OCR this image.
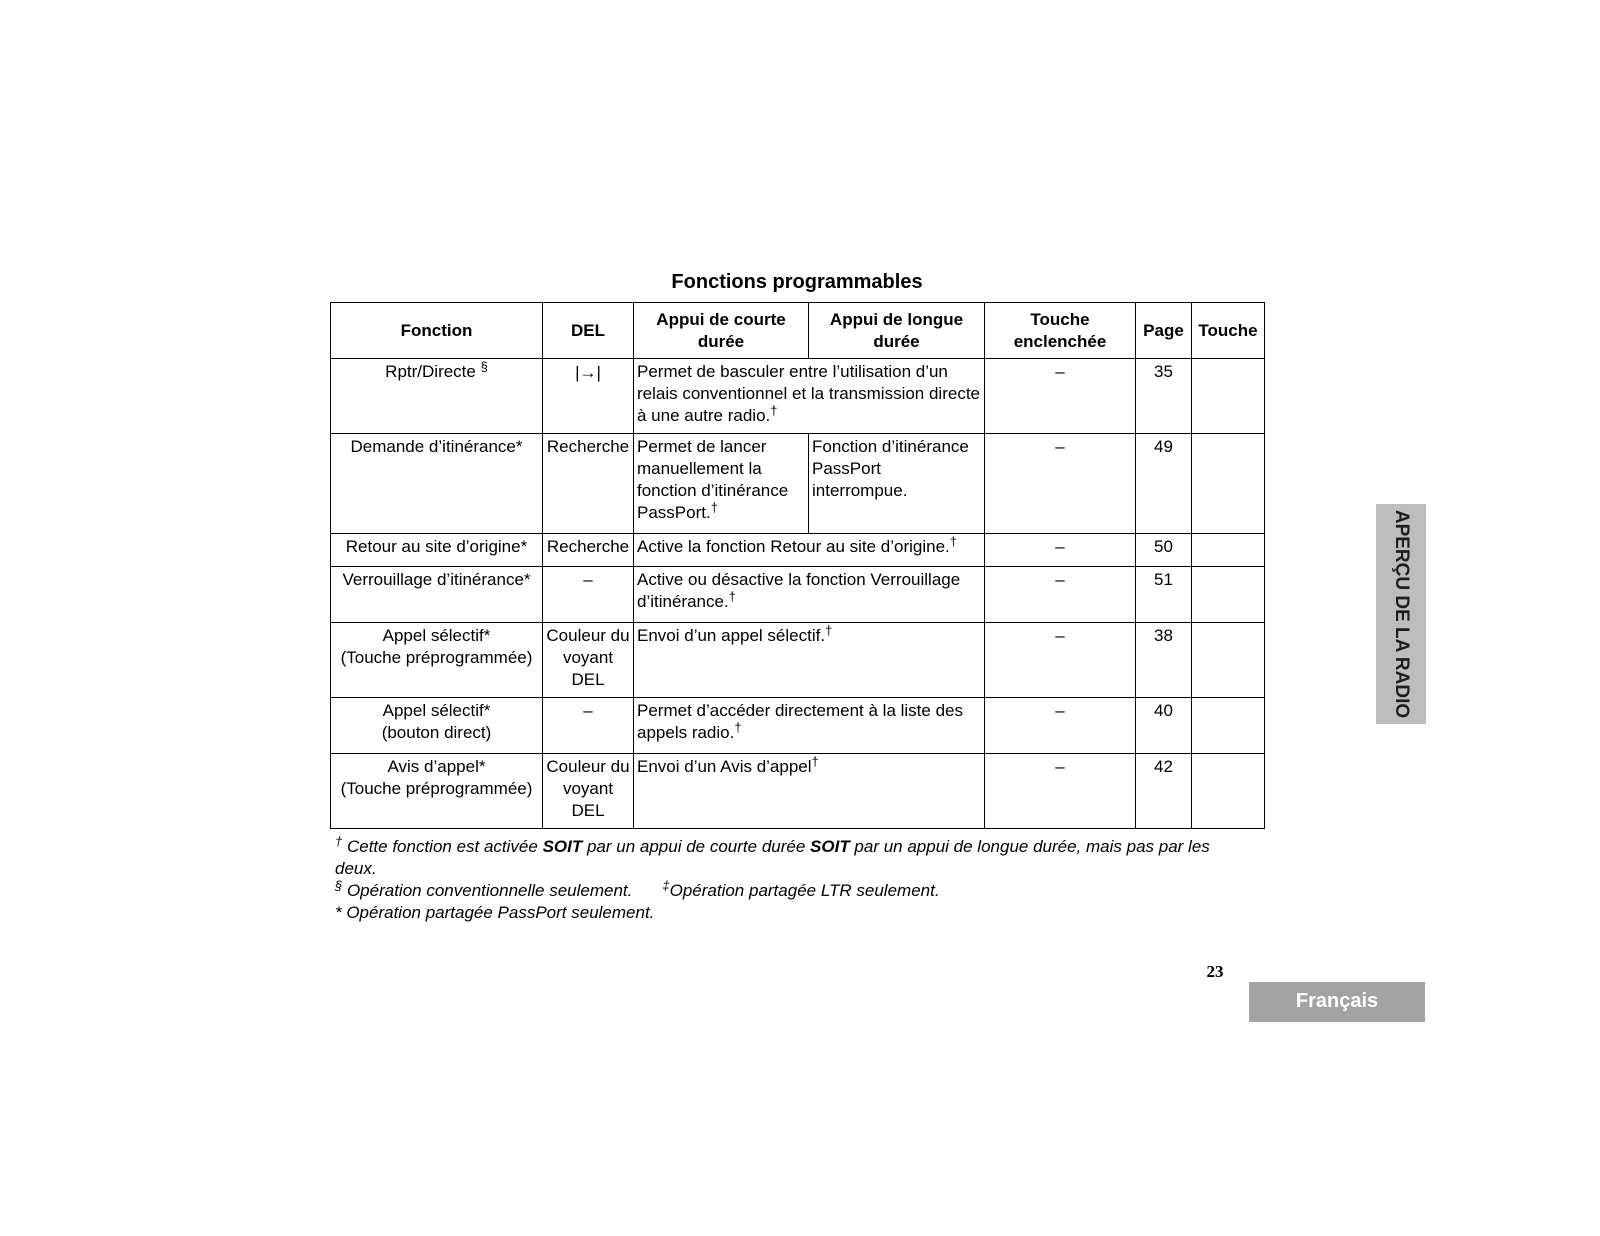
Fonctions programmables
Fonction	DEL	Appui de courte durée	Appui de longue durée	Touche enclenchée	Page	Touche
Rptr/Directe §	|→|	Permet de basculer entre l’utilisation d’un relais conventionnel et la transmission directe à une autre radio.†		–	35	
Demande d’itinérance*	Recherche	Permet de lancer manuellement la fonction d’itinérance PassPort.†	Fonction d’itinérance PassPort interrompue.	–	49	
Retour au site d’origine*	Recherche	Active la fonction Retour au site d’origine.†		–	50	
Verrouillage d’itinérance*	–	Active ou désactive la fonction Verrouillage d’itinérance.†		–	51	

Appel sélectif*
(Touche préprogrammée)	Couleur du voyant DEL	Envoi d’un appel sélectif.†		–	38	

Appel sélectif*
(bouton direct)	–	Permet d’accéder directement à la liste des appels radio.†		–	40	

Avis d’appel*
(Touche préprogrammée)	Couleur du voyant DEL	Envoi d’un Avis d’appel†		–	42	

† Cette fonction est activée SOIT par un appui de courte durée SOIT par un appui de longue durée, mais pas par les deux.

§ Opération conventionnelle seulement. ‡Opération partagée LTR seulement.

* Opération partagée PassPort seulement.

23
Français
APERÇU DE LA RADIO
